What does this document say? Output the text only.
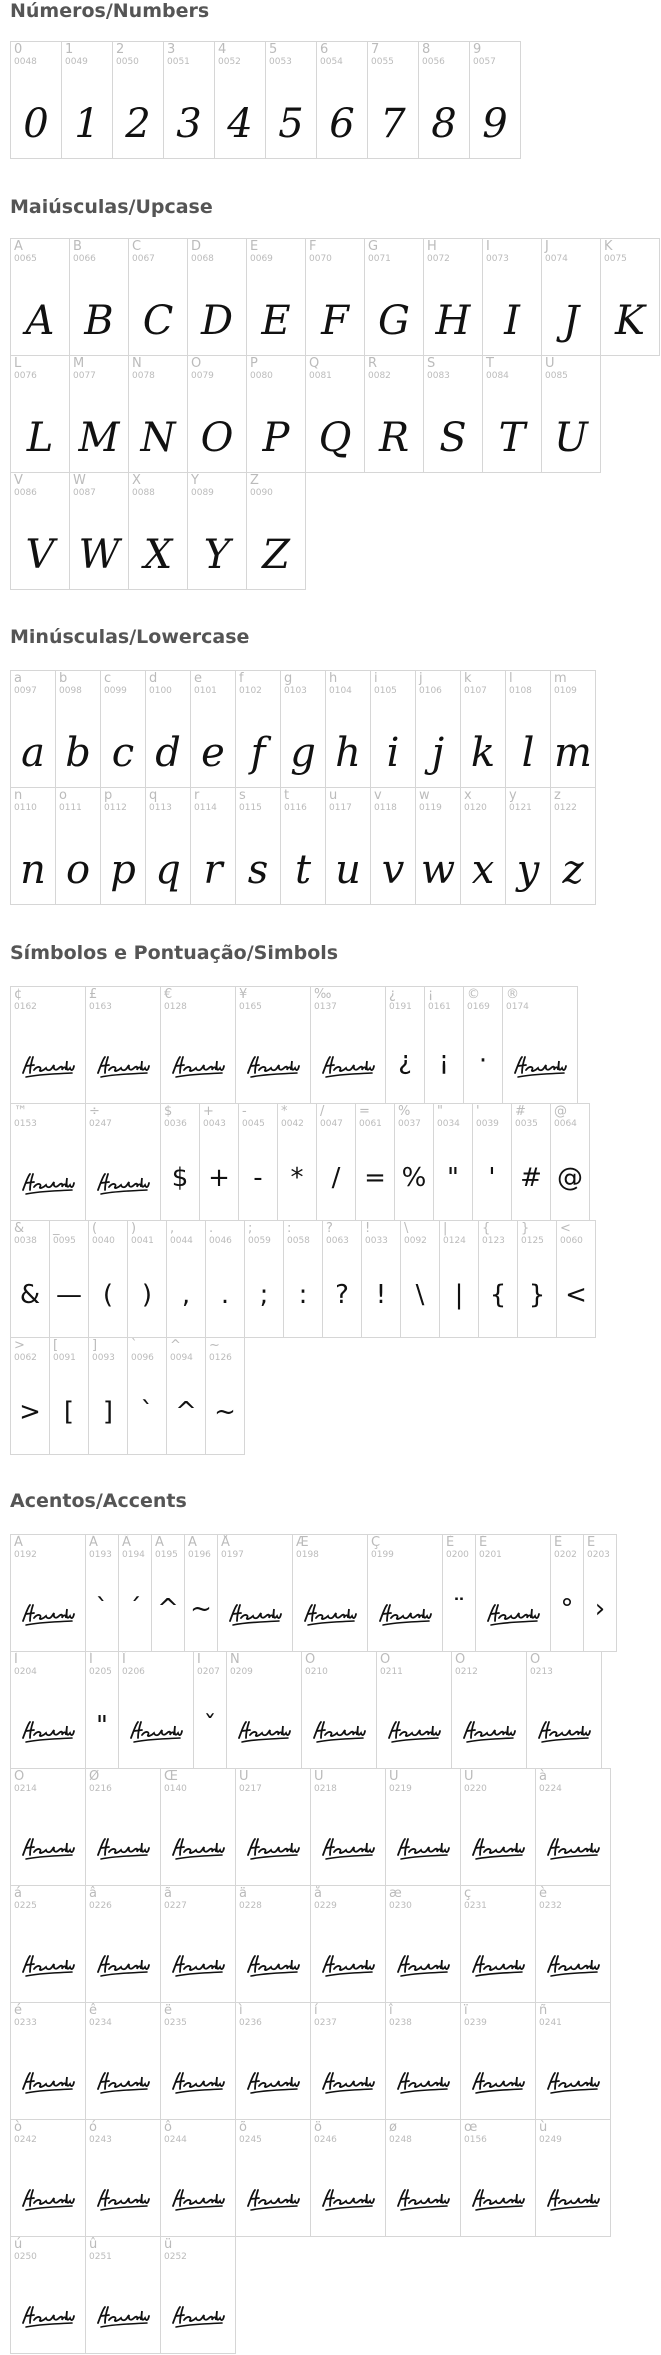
Números/Numbers
0
0048
0
1
0049
1
2
0050
2
3
0051
3
4
0052
4
5
0053
5
6
0054
6
7
0055
7
8
0056
8
9
0057
9
Maiúsculas/Upcase
A
0065
A
B
0066
B
C
0067
C
D
0068
D
E
0069
E
F
0070
F
G
0071
G
H
0072
H
I
0073
I
J
0074
J
K
0075
K
L
0076
L
M
0077
M
N
0078
N
O
0079
O
P
0080
P
Q
0081
Q
R
0082
R
S
0083
S
T
0084
T
U
0085
U
V
0086
V
W
0087
W
X
0088
X
Y
0089
Y
Z
0090
Z
Minúsculas/Lowercase
a
0097
a
b
0098
b
c
0099
c
d
0100
d
e
0101
e
f
0102
f
g
0103
g
h
0104
h
i
0105
i
j
0106
j
k
0107
k
l
0108
l
m
0109
m
n
0110
n
o
0111
o
p
0112
p
q
0113
q
r
0114
r
s
0115
s
t
0116
t
u
0117
u
v
0118
v
w
0119
w
x
0120
x
y
0121
y
z
0122
z
Símbolos e Pontuação/Simbols
¢
0162
£
0163
€
0128
¥
0165
‰
0137
¿
0191
¿
¡
0161
¡
©
0169
·
®
0174
™
0153
÷
0247
$
0036
$
+
0043
+
-
0045
-
*
0042
*
/
0047
/
=
0061
=
%
0037
%
"
0034
"
'
0039
'
#
0035
#
@
0064
@
&
0038
&
_
0095
—
(
0040
(
)
0041
)
,
0044
,
.
0046
.
;
0059
;
:
0058
:
?
0063
?
!
0033
!
\
0092
\
|
0124
|
{
0123
{
}
0125
}
<
0060
<
>
0062
>
[
0091
[
]
0093
]
`
0096
`
^
0094
^
~
0126
~
Acentos/Accents
À
0192
Á
0193
`
Â
0194
´
Ã
0195
^
Ä
0196
~
Å
0197
Æ
0198
Ç
0199
È
0200
¨
É
0201
Ê
0202
°
Ë
0203
›
Ì
0204
Í
0205
"
Î
0206
Ï
0207
ˇ
Ñ
0209
Ò
0210
Ó
0211
Ô
0212
Õ
0213
Ö
0214
Ø
0216
Œ
0140
Ù
0217
Ú
0218
Û
0219
Ü
0220
à
0224
á
0225
â
0226
ã
0227
ä
0228
å
0229
æ
0230
ç
0231
è
0232
é
0233
ê
0234
ë
0235
ì
0236
í
0237
î
0238
ï
0239
ñ
0241
ò
0242
ó
0243
ô
0244
õ
0245
ö
0246
ø
0248
œ
0156
ù
0249
ú
0250
û
0251
ü
0252
